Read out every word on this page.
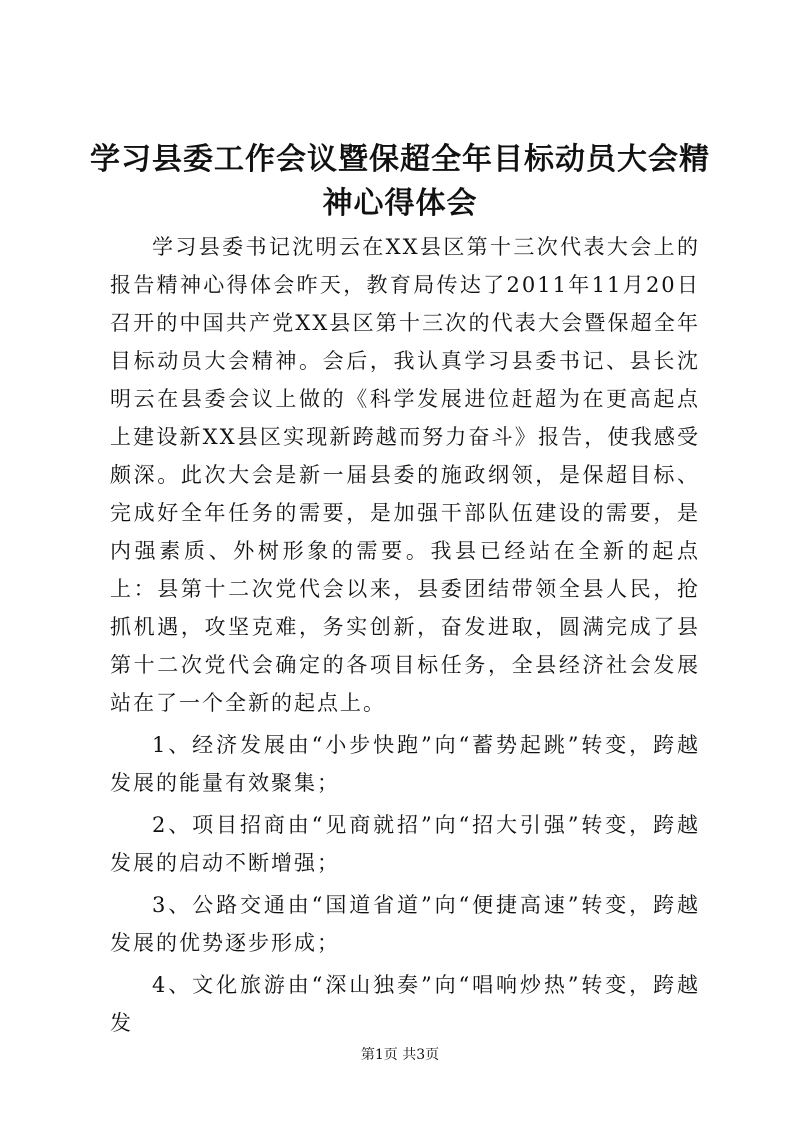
学习县委工作会议暨保超全年目标动员大会精神心得体会

学习县委书记沈明云在XX县区第十三次代表大会上的报告精神心得体会昨天，教育局传达了2011年11月20日召开的中国共产党XX县区第十三次的代表大会暨保超全年目标动员大会精神。会后，我认真学习县委书记、县长沈明云在县委会议上做的《科学发展进位赶超为在更高起点上建设新XX县区实现新跨越而努力奋斗》报告，使我感受颇深。此次大会是新一届县委的施政纲领，是保超目标、完成好全年任务的需要，是加强干部队伍建设的需要，是内强素质、外树形象的需要。我县已经站在全新的起点上：县第十二次党代会以来，县委团结带领全县人民，抢抓机遇，攻坚克难，务实创新，奋发进取，圆满完成了县第十二次党代会确定的各项目标任务，全县经济社会发展站在了一个全新的起点上。

1、经济发展由“小步快跑”向“蓄势起跳”转变，跨越发展的能量有效聚集；

2、项目招商由“见商就招”向“招大引强”转变，跨越发展的启动不断增强；

3、公路交通由“国道省道”向“便捷高速”转变，跨越发展的优势逐步形成；

4、文化旅游由“深山独奏”向“唱响炒热”转变，跨越发

第1页 共3页
